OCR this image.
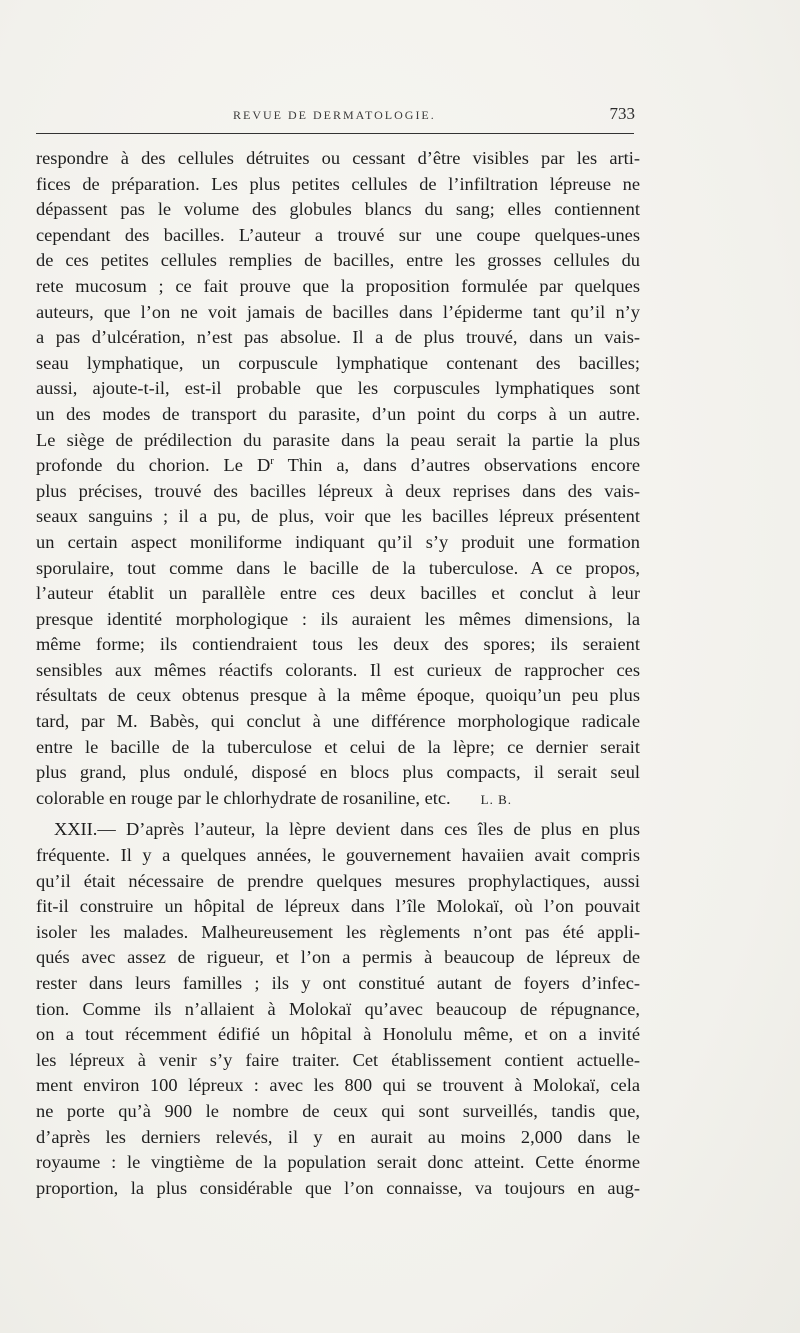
REVUE DE DERMATOLOGIE.	733
respondre à des cellules détruites ou cessant d’être visibles par les arti-
fices de préparation. Les plus petites cellules de l’infiltration lépreuse ne
dépassent pas le volume des globules blancs du sang; elles contiennent
cependant des bacilles. L’auteur a trouvé sur une coupe quelques-unes
de ces petites cellules remplies de bacilles, entre les grosses cellules du
rete mucosum ; ce fait prouve que la proposition formulée par quelques
auteurs, que l’on ne voit jamais de bacilles dans l’épiderme tant qu’il n’y
a pas d’ulcération, n’est pas absolue. Il a de plus trouvé, dans un vais-
seau lymphatique, un corpuscule lymphatique contenant des bacilles;
aussi, ajoute-t-il, est-il probable que les corpuscules lymphatiques sont
un des modes de transport du parasite, d’un point du corps à un autre.
Le siège de prédilection du parasite dans la peau serait la partie la plus
profonde du chorion. Le $D^r$ Thin a, dans d’autres observations encore
plus précises, trouvé des bacilles lépreux à deux reprises dans des vais-
seaux sanguins ; il a pu, de plus, voir que les bacilles lépreux présentent
un certain aspect moniliforme indiquant qu’il s’y produit une formation
sporulaire, tout comme dans le bacille de la tuberculose. A ce propos,
l’auteur établit un parallèle entre ces deux bacilles et conclut à leur
presque identité morphologique : ils auraient les mêmes dimensions, la
même forme; ils contiendraient tous les deux des spores; ils seraient
sensibles aux mêmes réactifs colorants. Il est curieux de rapprocher ces
résultats de ceux obtenus presque à la même époque, quoiqu’un peu plus
tard, par M. Babès, qui conclut à une différence morphologique radicale
entre le bacille de la tuberculose et celui de la lèpre; ce dernier serait
plus grand, plus ondulé, disposé en blocs plus compacts, il serait seul
colorable en rouge par le chlorhydrate de rosaniline, etc. L. B.
XXII.— D’après l’auteur, la lèpre devient dans ces îles de plus en plus
fréquente. Il y a quelques années, le gouvernement havaiien avait compris
qu’il était nécessaire de prendre quelques mesures prophylactiques, aussi
fit-il construire un hôpital de lépreux dans l’île Molokaï, où l’on pouvait
isoler les malades. Malheureusement les règlements n’ont pas été appli-
qués avec assez de rigueur, et l’on a permis à beaucoup de lépreux de
rester dans leurs familles ; ils y ont constitué autant de foyers d’infec-
tion. Comme ils n’allaient à Molokaï qu’avec beaucoup de répugnance,
on a tout récemment édifié un hôpital à Honolulu même, et on a invité
les lépreux à venir s’y faire traiter. Cet établissement contient actuelle-
ment environ 100 lépreux : avec les 800 qui se trouvent à Molokaï, cela
ne porte qu’à 900 le nombre de ceux qui sont surveillés, tandis que,
d’après les derniers relevés, il y en aurait au moins 2,000 dans le
royaume : le vingtième de la population serait donc atteint. Cette énorme
proportion, la plus considérable que l’on connaisse, va toujours en aug-
